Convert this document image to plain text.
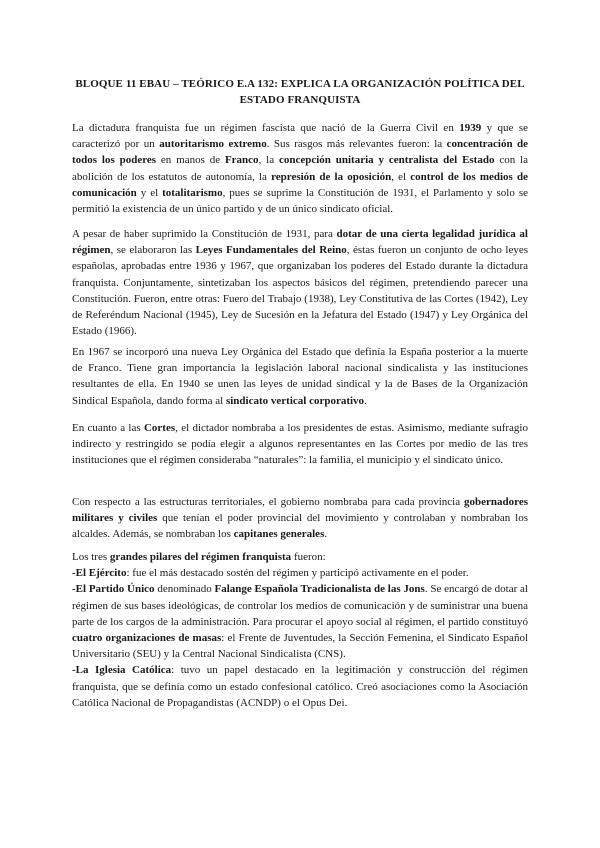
BLOQUE 11 EBAU – TEÓRICO E.A 132: EXPLICA LA ORGANIZACIÓN POLÍTICA DEL ESTADO FRANQUISTA

La dictadura franquista fue un régimen fascista que nació de la Guerra Civil en 1939 y que se caracterizó por un autoritarismo extremo. Sus rasgos más relevantes fueron: la concentración de todos los poderes en manos de Franco, la concepción unitaria y centralista del Estado con la abolición de los estatutos de autonomía, la represión de la oposición, el control de los medios de comunicación y el totalitarismo, pues se suprime la Constitución de 1931, el Parlamento y solo se permitió la existencia de un único partido y de un único sindicato oficial.

A pesar de haber suprimido la Constitución de 1931, para dotar de una cierta legalidad jurídica al régimen, se elaboraron las Leyes Fundamentales del Reino, éstas fueron un conjunto de ocho leyes españolas, aprobadas entre 1936 y 1967, que organizaban los poderes del Estado durante la dictadura franquista. Conjuntamente, sintetizaban los aspectos básicos del régimen, pretendiendo parecer una Constitución. Fueron, entre otras: Fuero del Trabajo (1938), Ley Constitutiva de las Cortes (1942), Ley de Referéndum Nacional (1945), Ley de Sucesión en la Jefatura del Estado (1947) y Ley Orgánica del Estado (1966).

En 1967 se incorporó una nueva Ley Orgánica del Estado que definía la España posterior a la muerte de Franco. Tiene gran importancia la legislación laboral nacional sindicalista y las instituciones resultantes de ella. En 1940 se unen las leyes de unidad sindical y la de Bases de la Organización Sindical Española, dando forma al sindicato vertical corporativo.

En cuanto a las Cortes, el dictador nombraba a los presidentes de estas. Asimismo, mediante sufragio indirecto y restringido se podía elegir a algunos representantes en las Cortes por medio de las tres instituciones que el régimen consideraba “naturales”: la familia, el municipio y el sindicato único.

Con respecto a las estructuras territoriales, el gobierno nombraba para cada provincia gobernadores militares y civiles que tenían el poder provincial del movimiento y controlaban y nombraban los alcaldes. Además, se nombraban los capitanes generales.

Los tres grandes pilares del régimen franquista fueron:
-El Ejército: fue el más destacado sostén del régimen y participó activamente en el poder.
-El Partido Único denominado Falange Española Tradicionalista de las Jons. Se encargó de dotar al régimen de sus bases ideológicas, de controlar los medios de comunicación y de suministrar una buena parte de los cargos de la administración. Para procurar el apoyo social al régimen, el partido constituyó cuatro organizaciones de masas: el Frente de Juventudes, la Sección Femenina, el Sindicato Español Universitario (SEU) y la Central Nacional Sindicalista (CNS).
-La Iglesia Católica: tuvo un papel destacado en la legitimación y construcción del régimen franquista, que se definía como un estado confesional católico. Creó asociaciones como la Asociación Católica Nacional de Propagandistas (ACNDP) o el Opus Dei.
